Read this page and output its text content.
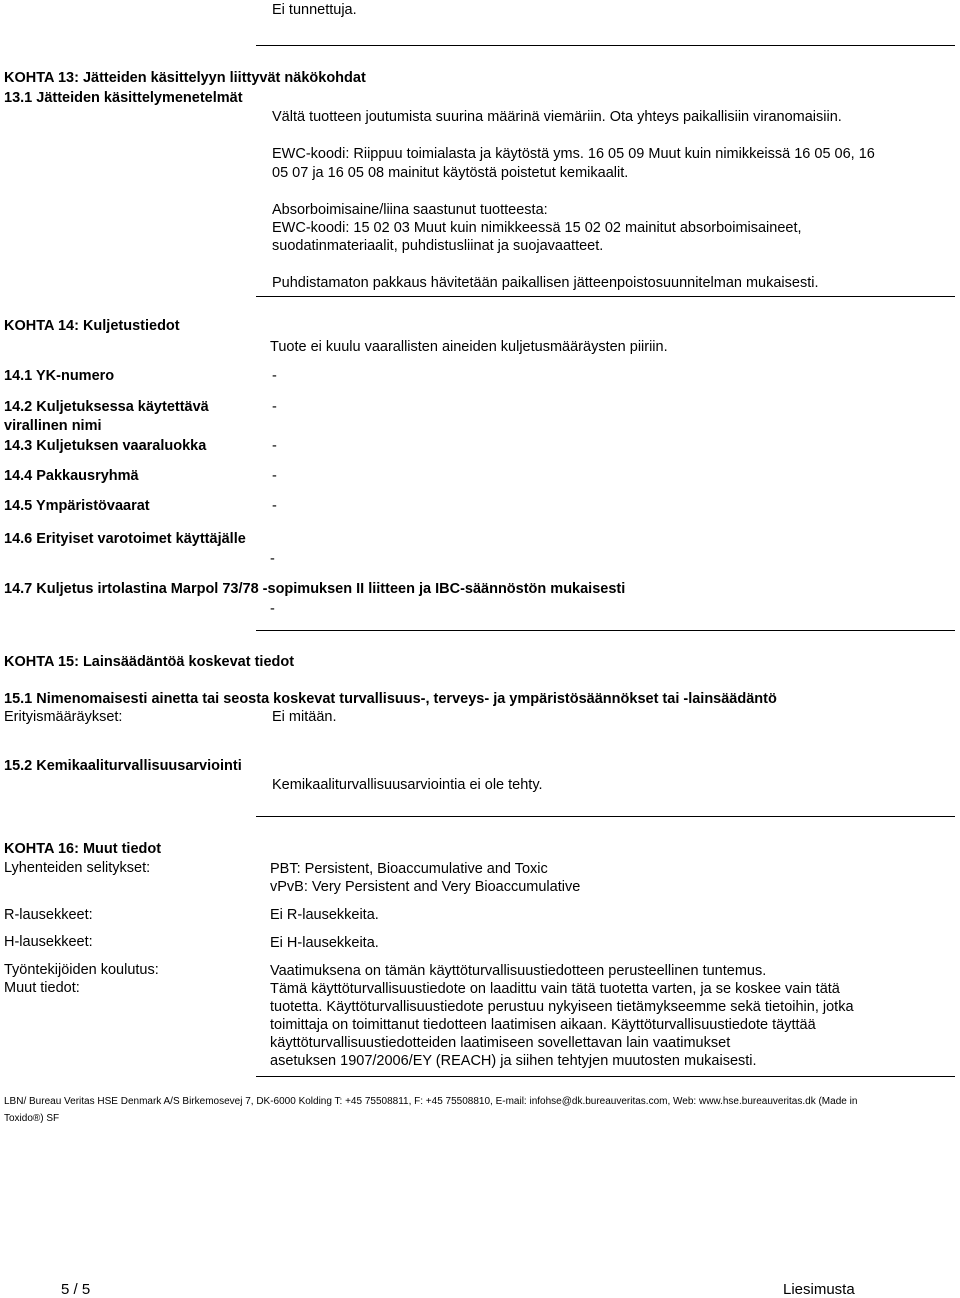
Ei tunnettuja.
KOHTA 13: Jätteiden käsittelyyn liittyvät näkökohdat
13.1 Jätteiden käsittelymenetelmät
Vältä tuotteen joutumista suurina määrinä viemäriin. Ota yhteys paikallisiin viranomaisiin.
EWC-koodi: Riippuu toimialasta ja käytöstä yms. 16 05 09 Muut kuin nimikkeissä 16 05 06, 16
05 07 ja 16 05 08 mainitut käytöstä poistetut kemikaalit.
Absorboimisaine/liina saastunut tuotteesta:
EWC-koodi: 15 02 03 Muut kuin nimikkeessä 15 02 02 mainitut absorboimisaineet,
suodatinmateriaalit, puhdistusliinat ja suojavaatteet.
Puhdistamaton pakkaus hävitetään paikallisen jätteenpoistosuunnitelman mukaisesti.
KOHTA 14: Kuljetustiedot
Tuote ei kuulu vaarallisten aineiden kuljetusmääräysten piiriin.
14.1 YK-numero	-
14.2 Kuljetuksessa käytettävä
virallinen nimi
-
14.3 Kuljetuksen vaaraluokka	-
14.4 Pakkausryhmä	-
14.5 Ympäristövaarat	-
14.6 Erityiset varotoimet käyttäjälle
-
14.7 Kuljetus irtolastina Marpol 73/78 -sopimuksen II liitteen ja IBC-säännöstön mukaisesti
-
KOHTA 15: Lainsäädäntöä koskevat tiedot
15.1 Nimenomaisesti ainetta tai seosta koskevat turvallisuus-, terveys- ja ympäristösäännökset tai -lainsäädäntö
Erityismääräykset:	Ei mitään.
15.2 Kemikaaliturvallisuusarviointi
Kemikaaliturvallisuusarviointia ei ole tehty.
KOHTA 16: Muut tiedot
Lyhenteiden selitykset:	PBT: Persistent, Bioaccumulative and Toxic
vPvB: Very Persistent and Very Bioaccumulative
R-lausekkeet:	Ei R-lausekkeita.
H-lausekkeet:	Ei H-lausekkeita.
Työntekijöiden koulutus:	Vaatimuksena on tämän käyttöturvallisuustiedotteen perusteellinen tuntemus.
Muut tiedot:	Tämä käyttöturvallisuustiedote on laadittu vain tätä tuotetta varten, ja se koskee vain tätä
tuotetta. Käyttöturvallisuustiedote perustuu nykyiseen tietämykseemme sekä tietoihin, jotka
toimittaja on toimittanut tiedotteen laatimisen aikaan. Käyttöturvallisuustiedote täyttää
käyttöturvallisuustiedotteiden laatimiseen sovellettavan lain vaatimukset
asetuksen 1907/2006/EY (REACH) ja siihen tehtyjen muutosten mukaisesti.
LBN/ Bureau Veritas HSE Denmark A/S Birkemosevej 7, DK-6000 Kolding T: +45 75508811, F: +45 75508810, E-mail: infohse@dk.bureauveritas.com, Web: www.hse.bureauveritas.dk (Made in
Toxido®) SF
5 / 5	Liesimusta
